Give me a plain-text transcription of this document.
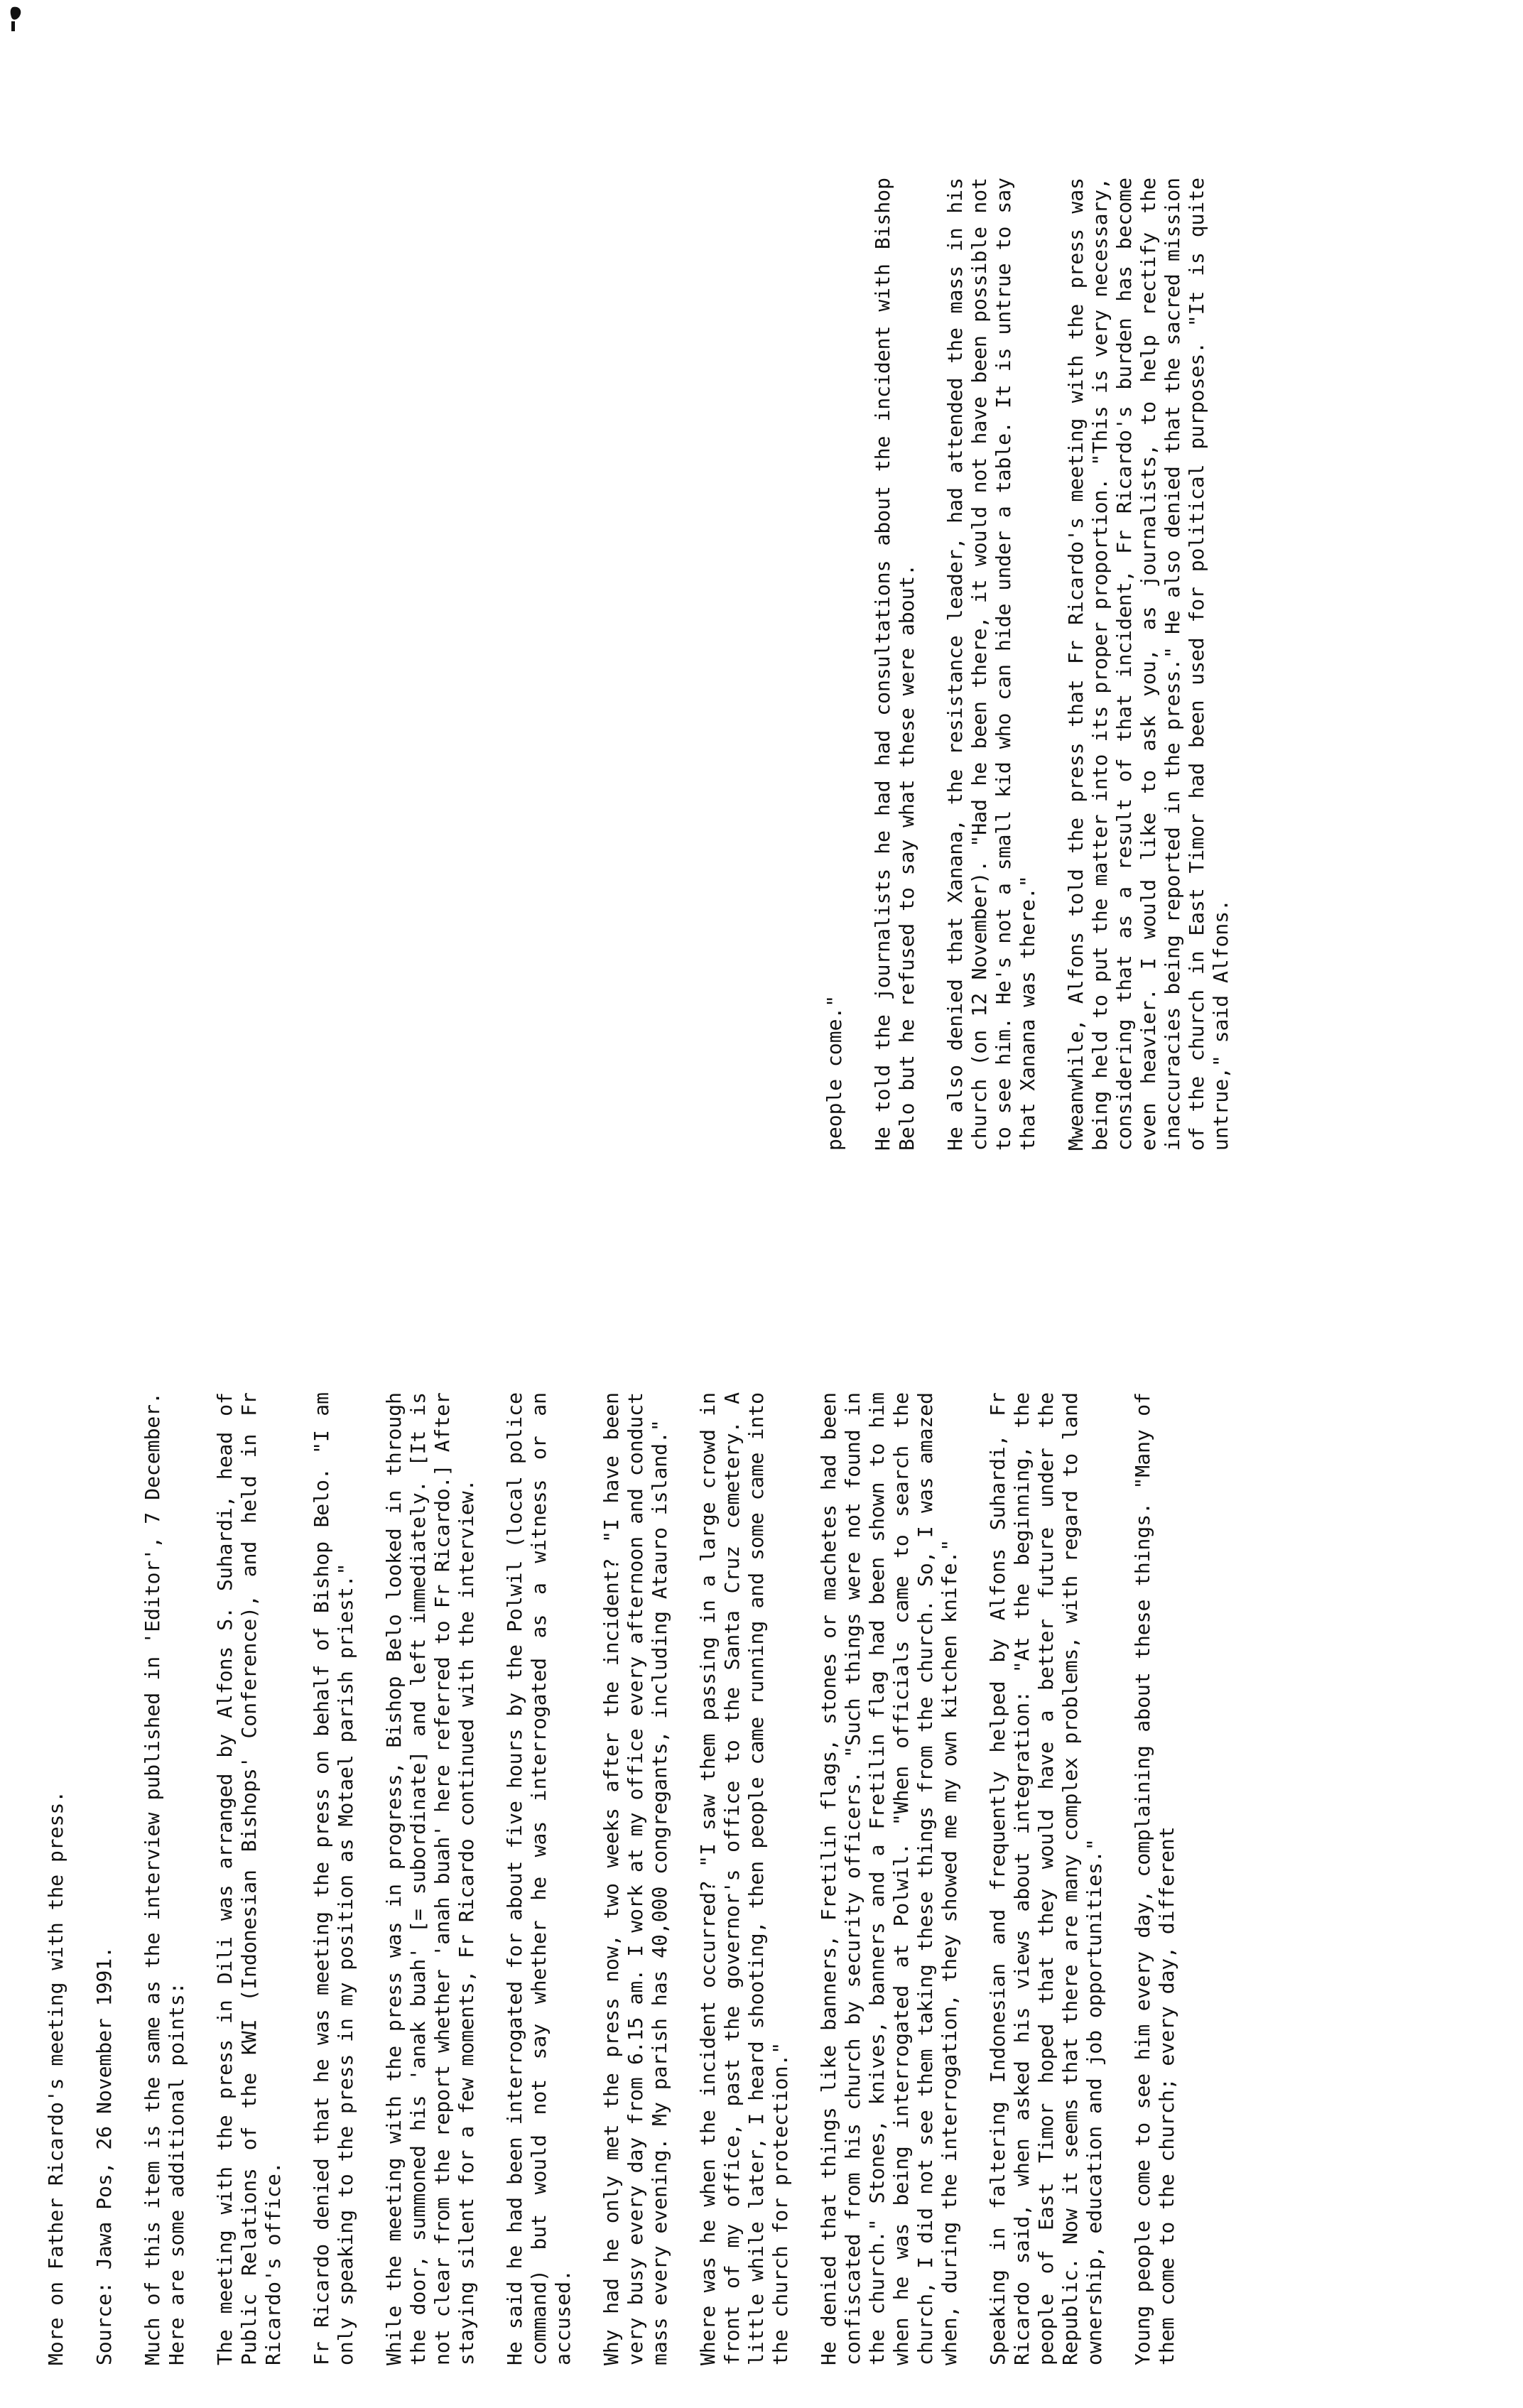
More on Father Ricardo's meeting with the press. Source: Jawa Pos, 26 November 1991. Much of this item is the same as the interview published in 'Editor', 7 December. Here are some additional points: The meeting with the press in Dili was arranged by Alfons S. Suhardi, head of Public Relations of the KWI (Indonesian Bishops' Conference), and held in Fr Ricardo's office. Fr Ricardo denied that he was meeting the press on behalf of Bishop Belo. "I am only speaking to the press in my position as Motael parish priest." While the meeting with the press was in progress, Bishop Belo looked in through the door, summoned his 'anak buah' [= subordinate] and left immediately. [It is not clear from the report whether 'anah buah' here referred to Fr Ricardo.] After staying silent for a few moments, Fr Ricardo continued with the interview. He said he had been interrogated for about five hours by the Polwil (local police command) but would not say whether he was interrogated as a witness or an accused. Why had he only met the press now, two weeks after the incident? "I have been very busy every day from 6.15 am. I work at my office every afternoon and conduct mass every evening. My parish has 40,000 congregants, including Atauro island." Where was he when the incident occurred? "I saw them passing in a large crowd in front of my office, past the governor's office to the Santa Cruz cemetery. A little while later, I heard shooting, then people came running and some came into the church for protection." He denied that things like banners, Fretilin flags, stones or machetes had been confiscated from his church by security officers. "Such things were not found in the church." Stones, knives, banners and a Fretilin flag had been shown to him when he was being interrogated at Polwil. "When officials came to search the church, I did not see them taking these things from the church. So, I was amazed when, during the interrogation, they showed me my own kitchen knife." Speaking in faltering Indonesian and frequently helped by Alfons Suhardi, Fr Ricardo said, when asked his views about integration: "At the beginning, the people of East Timor hoped that they would have a better future under the Republic. Now it seems that there are many complex problems, with regard to land ownership, education and job opportunities." Young people come to see him every day, complaining about these things. "Many of them come to the church; every day, different

people come." He told the journalists he had had consultations about the incident with Bishop Belo but he refused to say what these were about. He also denied that Xanana, the resistance leader, had attended the mass in his church (on 12 November). "Had he been there, it would not have been possible not to see him. He's not a small kid who can hide under a table. It is untrue to say that Xanana was there." Mweanwhile, Alfons told the press that Fr Ricardo's meeting with the press was being held to put the matter into its proper proportion. "This is very necessary, considering that as a result of that incident, Fr Ricardo's burden has become even heavier. I would like to ask you, as journalists, to help rectify the inaccuracies being reported in the press." He also denied that the sacred mission of the church in East Timor had been used for political purposes. "It is quite untrue," said Alfons.
